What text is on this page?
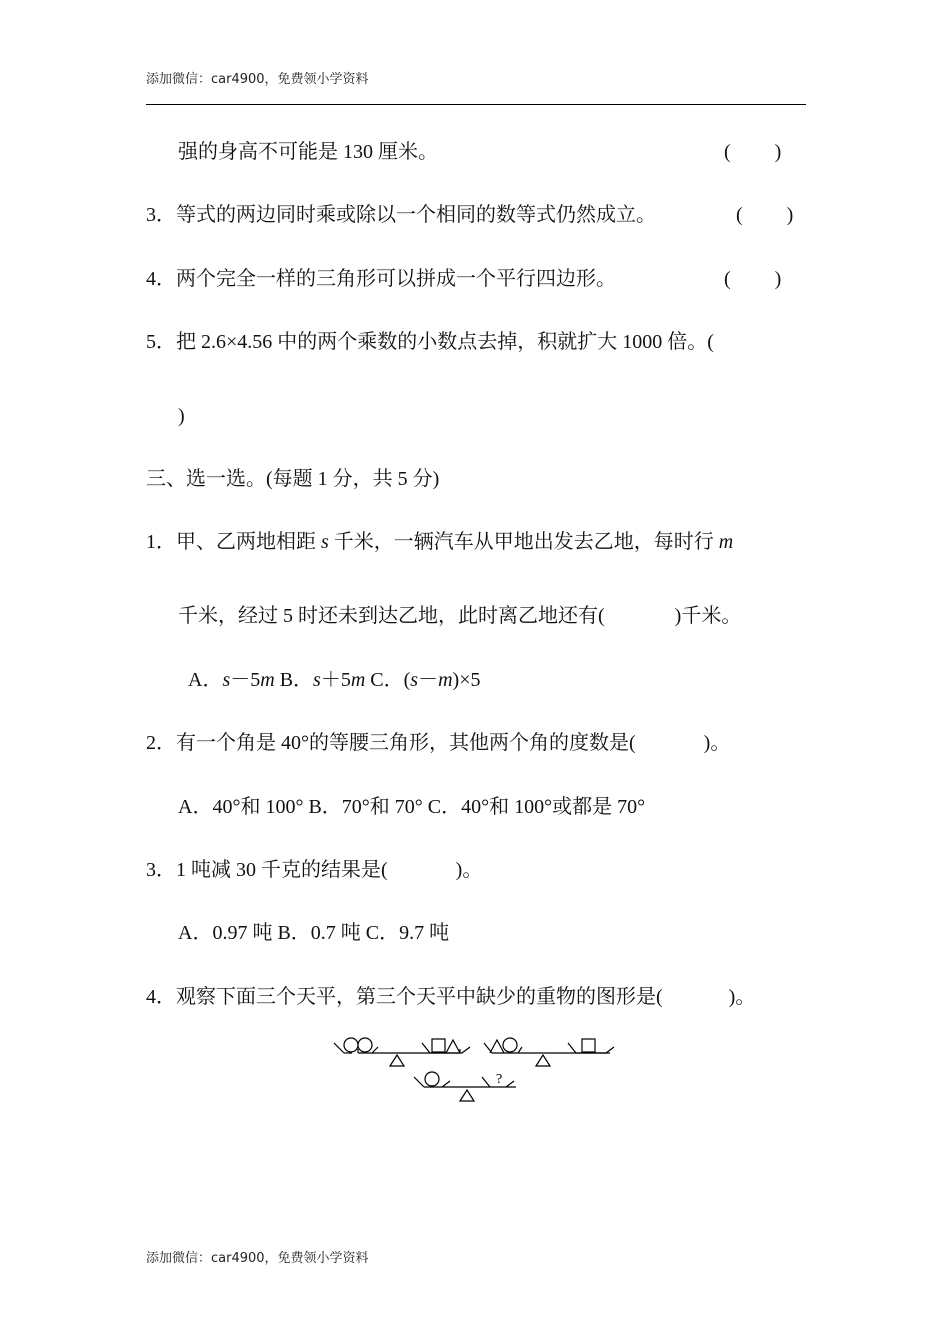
添加微信：car4900，免费领小学资料
强的身高不可能是 130 厘米。	( )
3．等式的两边同时乘或除以一个相同的数等式仍然成立。	( )
4．两个完全一样的三角形可以拼成一个平行四边形。	( )
5．把 2.6×4.56 中的两个乘数的小数点去掉，积就扩大 1000 倍。(
)
三、选一选。(每题 1 分，共 5 分)
1．甲、乙两地相距 s 千米，一辆汽车从甲地出发去乙地，每时行 m
千米，经过 5 时还未到达乙地，此时离乙地还有(	)千米。
A．s－5m B．s＋5m C．(s－m)×5
2．有一个角是 40°的等腰三角形，其他两个角的度数是(	)。
A．40°和 100° B．70°和 70° C．40°和 100°或都是 70°
3．1 吨减 30 千克的结果是(	)。
A．0.97 吨 B．0.7 吨 C．9.7 吨
4．观察下面三个天平，第三个天平中缺少的重物的图形是(	)。
?
添加微信：car4900，免费领小学资料
